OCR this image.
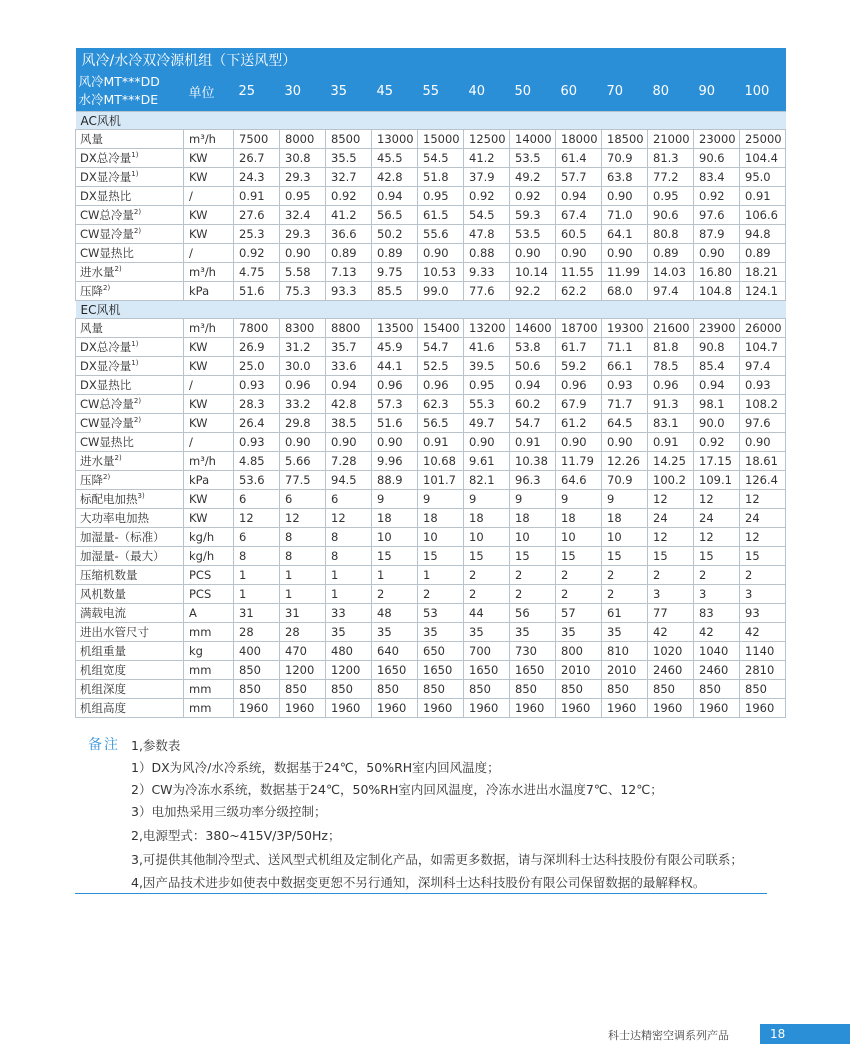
风冷/水冷双冷源机组（下送风型）													

风冷MT***DD
水冷MT***DE	单位	25	30	35	45	55	40	50	60	70	80	90	100
AC风机													
风量	m³/h	7500	8000	8500	13000	15000	12500	14000	18000	18500	21000	23000	25000
DX总冷量$^{1)}$	KW	26.7	30.8	35.5	45.5	54.5	41.2	53.5	61.4	70.9	81.3	90.6	104.4
DX显冷量$^{1)}$	KW	24.3	29.3	32.7	42.8	51.8	37.9	49.2	57.7	63.8	77.2	83.4	95.0
DX显热比	/	0.91	0.95	0.92	0.94	0.95	0.92	0.92	0.94	0.90	0.95	0.92	0.91
CW总冷量$^{2)}$	KW	27.6	32.4	41.2	56.5	61.5	54.5	59.3	67.4	71.0	90.6	97.6	106.6
CW显冷量$^{2)}$	KW	25.3	29.3	36.6	50.2	55.6	47.8	53.5	60.5	64.1	80.8	87.9	94.8
CW显热比	/	0.92	0.90	0.89	0.89	0.90	0.88	0.90	0.90	0.90	0.89	0.90	0.89
进水量$^{2)}$	m³/h	4.75	5.58	7.13	9.75	10.53	9.33	10.14	11.55	11.99	14.03	16.80	18.21
压降$^{2)}$	kPa	51.6	75.3	93.3	85.5	99.0	77.6	92.2	62.2	68.0	97.4	104.8	124.1
EC风机													
风量	m³/h	7800	8300	8800	13500	15400	13200	14600	18700	19300	21600	23900	26000
DX总冷量$^{1)}$	KW	26.9	31.2	35.7	45.9	54.7	41.6	53.8	61.7	71.1	81.8	90.8	104.7
DX显冷量$^{1)}$	KW	25.0	30.0	33.6	44.1	52.5	39.5	50.6	59.2	66.1	78.5	85.4	97.4
DX显热比	/	0.93	0.96	0.94	0.96	0.96	0.95	0.94	0.96	0.93	0.96	0.94	0.93
CW总冷量$^{2)}$	KW	28.3	33.2	42.8	57.3	62.3	55.3	60.2	67.9	71.7	91.3	98.1	108.2
CW显冷量$^{2)}$	KW	26.4	29.8	38.5	51.6	56.5	49.7	54.7	61.2	64.5	83.1	90.0	97.6
CW显热比	/	0.93	0.90	0.90	0.90	0.91	0.90	0.91	0.90	0.90	0.91	0.92	0.90
进水量$^{2)}$	m³/h	4.85	5.66	7.28	9.96	10.68	9.61	10.38	11.79	12.26	14.25	17.15	18.61
压降$^{2)}$	kPa	53.6	77.5	94.5	88.9	101.7	82.1	96.3	64.6	70.9	100.2	109.1	126.4
标配电加热$^{3)}$	KW	6	6	6	9	9	9	9	9	9	12	12	12
大功率电加热	KW	12	12	12	18	18	18	18	18	18	24	24	24
加湿量-（标准）	kg/h	6	8	8	10	10	10	10	10	10	12	12	12
加湿量-（最大）	kg/h	8	8	8	15	15	15	15	15	15	15	15	15
压缩机数量	PCS	1	1	1	1	1	2	2	2	2	2	2	2
风机数量	PCS	1	1	1	2	2	2	2	2	2	3	3	3
满载电流	A	31	31	33	48	53	44	56	57	61	77	83	93
进出水管尺寸	mm	28	28	35	35	35	35	35	35	35	42	42	42
机组重量	kg	400	470	480	640	650	700	730	800	810	1020	1040	1140
机组宽度	mm	850	1200	1200	1650	1650	1650	1650	2010	2010	2460	2460	2810
机组深度	mm	850	850	850	850	850	850	850	850	850	850	850	850
机组高度	mm	1960	1960	1960	1960	1960	1960	1960	1960	1960	1960	1960	1960
备注 1,参数表
1）DX为风冷/水冷系统，数据基于24℃，50%RH室内回风温度；
2）CW为冷冻水系统，数据基于24℃，50%RH室内回风温度，冷冻水进出水温度7℃、12℃；
3）电加热采用三级功率分级控制；
2,电源型式：380~415V/3P/50Hz；
3,可提供其他制冷型式、送风型式机组及定制化产品，如需更多数据，请与深圳科士达科技股份有限公司联系；
4,因产品技术进步如使表中数据变更恕不另行通知，深圳科士达科技股份有限公司保留数据的最解释权。
科士达精密空调系列产品	18
